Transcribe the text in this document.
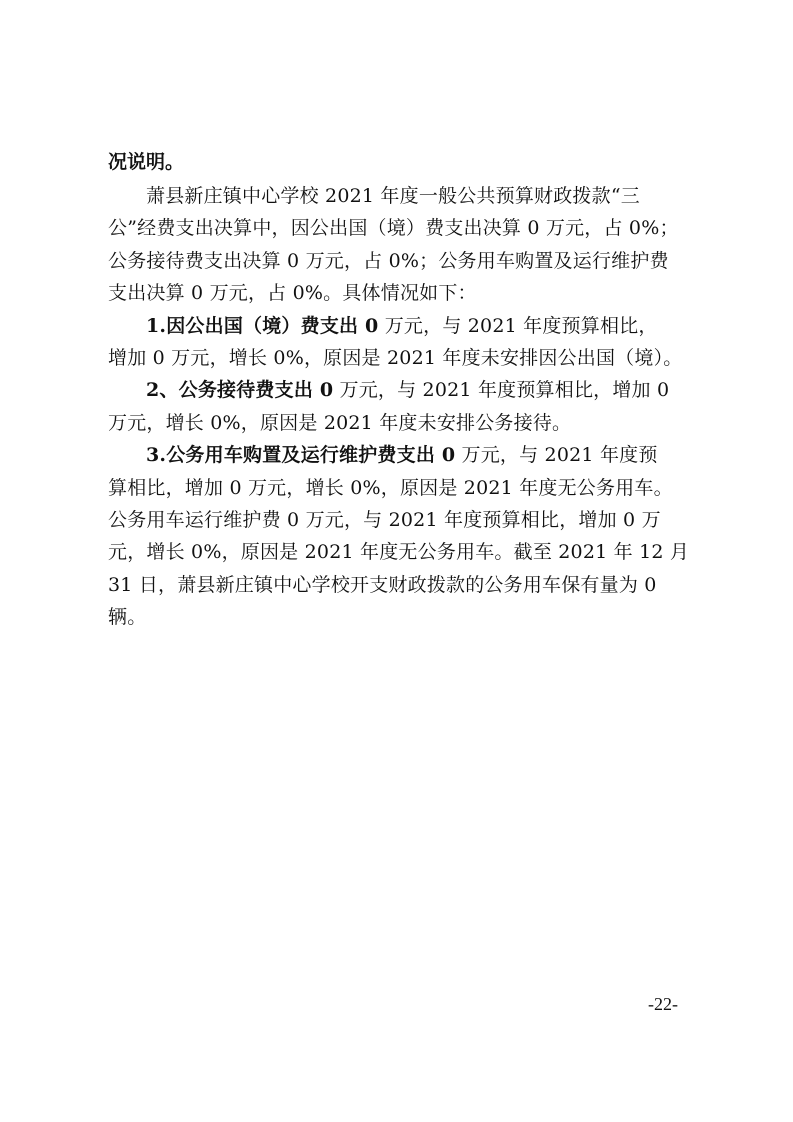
况说明。
萧县新庄镇中心学校 2021 年度一般公共预算财政拨款“三
公”经费支出决算中，因公出国（境）费支出决算 0 万元，占 0%；
公务接待费支出决算 0 万元，占 0%；公务用车购置及运行维护费
支出决算 0 万元，占 0%。具体情况如下：
1.因公出国（境）费支出 0 万元，与 2021 年度预算相比，
增加 0 万元，增长 0%，原因是 2021 年度未安排因公出国（境）。
2、公务接待费支出 0 万元，与 2021 年度预算相比，增加 0
万元，增长 0%，原因是 2021 年度未安排公务接待。
3.公务用车购置及运行维护费支出 0 万元，与 2021 年度预
算相比，增加 0 万元，增长 0%，原因是 2021 年度无公务用车。
公务用车运行维护费 0 万元，与 2021 年度预算相比，增加 0 万
元，增长 0%，原因是 2021 年度无公务用车。截至 2021 年 12 月
31 日，萧县新庄镇中心学校开支财政拨款的公务用车保有量为 0
辆。
-22-
